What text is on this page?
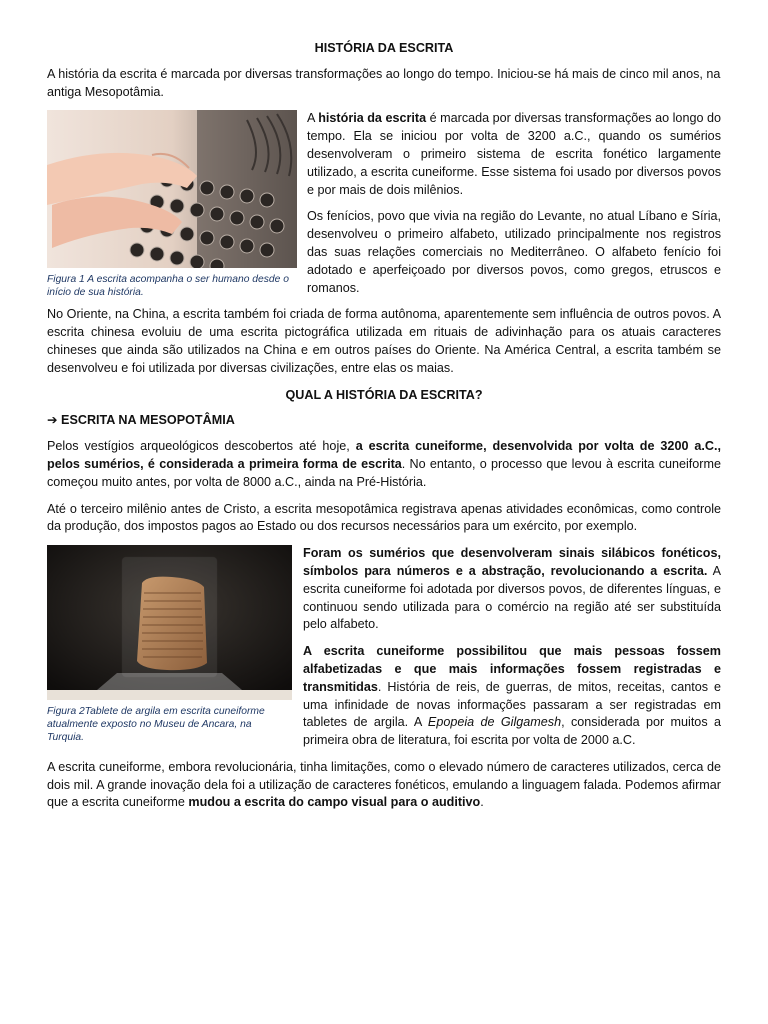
HISTÓRIA DA ESCRITA

A história da escrita é marcada por diversas transformações ao longo do tempo. Iniciou-se há mais de cinco mil anos, na antiga Mesopotâmia.

Figura 1 A escrita acompanha o ser humano desde o início de sua história.

A história da escrita é marcada por diversas transformações ao longo do tempo. Ela se iniciou por volta de 3200 a.C., quando os sumérios desenvolveram o primeiro sistema de escrita fonético largamente utilizado, a escrita cuneiforme. Esse sistema foi usado por diversos povos e por mais de dois milênios.

Os fenícios, povo que vivia na região do Levante, no atual Líbano e Síria, desenvolveu o primeiro alfabeto, utilizado principalmente nos registros das suas relações comerciais no Mediterrâneo. O alfabeto fenício foi adotado e aperfeiçoado por diversos povos, como gregos, etruscos e romanos.

No Oriente, na China, a escrita também foi criada de forma autônoma, aparentemente sem influência de outros povos. A escrita chinesa evoluiu de uma escrita pictográfica utilizada em rituais de adivinhação para os atuais caracteres chineses que ainda são utilizados na China e em outros países do Oriente. Na América Central, a escrita também se desenvolveu e foi utilizada por diversas civilizações, entre elas os maias.

QUAL A HISTÓRIA DA ESCRITA?

➔ ESCRITA NA MESOPOTÂMIA

Pelos vestígios arqueológicos descobertos até hoje, a escrita cuneiforme, desenvolvida por volta de 3200 a.C., pelos sumérios, é considerada a primeira forma de escrita. No entanto, o processo que levou à escrita cuneiforme começou muito antes, por volta de 8000 a.C., ainda na Pré-História.

Até o terceiro milênio antes de Cristo, a escrita mesopotâmica registrava apenas atividades econômicas, como controle da produção, dos impostos pagos ao Estado ou dos recursos necessários para um exército, por exemplo.

Figura 2Tablete de argila em escrita cuneiforme atualmente exposto no Museu de Ancara, na Turquia.

Foram os sumérios que desenvolveram sinais silábicos fonéticos, símbolos para números e a abstração, revolucionando a escrita. A escrita cuneiforme foi adotada por diversos povos, de diferentes línguas, e continuou sendo utilizada para o comércio na região até ser substituída pelo alfabeto.

A escrita cuneiforme possibilitou que mais pessoas fossem alfabetizadas e que mais informações fossem registradas e transmitidas. História de reis, de guerras, de mitos, receitas, cantos e uma infinidade de novas informações passaram a ser registradas em tabletes de argila. A Epopeia de Gilgamesh, considerada por muitos a primeira obra de literatura, foi escrita por volta de 2000 a.C.

A escrita cuneiforme, embora revolucionária, tinha limitações, como o elevado número de caracteres utilizados, cerca de dois mil. A grande inovação dela foi a utilização de caracteres fonéticos, emulando a linguagem falada. Podemos afirmar que a escrita cuneiforme mudou a escrita do campo visual para o auditivo.
